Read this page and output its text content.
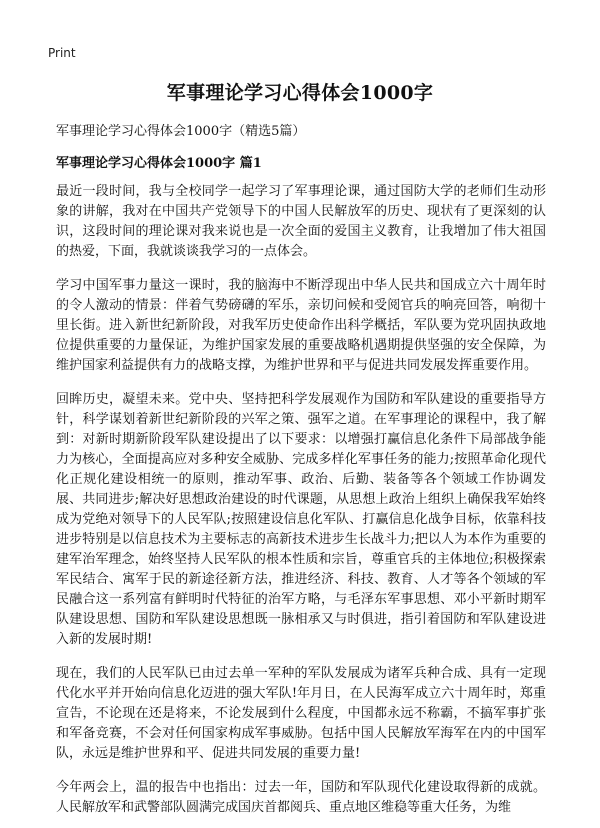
Print
军事理论学习心得体会1000字

军事理论学习心得体会1000字（精选5篇）

军事理论学习心得体会1000字 篇1

最近一段时间，我与全校同学一起学习了军事理论课，通过国防大学的老师们生动形象的讲解，我对在中国共产党领导下的中国人民解放军的历史、现状有了更深刻的认识，这段时间的理论课对我来说也是一次全面的爱国主义教育，让我增加了伟大祖国的热爱，下面，我就谈谈我学习的一点体会。

学习中国军事力量这一课时，我的脑海中不断浮现出中华人民共和国成立六十周年时的令人激动的情景：伴着气势磅礴的军乐，亲切问候和受阅官兵的响亮回答，响彻十里长街。进入新世纪新阶段，对我军历史使命作出科学概括，军队要为党巩固执政地位提供重要的力量保证，为维护国家发展的重要战略机遇期提供坚强的安全保障，为维护国家利益提供有力的战略支撑，为维护世界和平与促进共同发展发挥重要作用。

回眸历史，凝望未来。党中央、坚持把科学发展观作为国防和军队建设的重要指导方针，科学谋划着新世纪新阶段的兴军之策、强军之道。在军事理论的课程中，我了解到：对新时期新阶段军队建设提出了以下要求：以增强打赢信息化条件下局部战争能力为核心，全面提高应对多种安全威胁、完成多样化军事任务的能力;按照革命化现代化正规化建设相统一的原则，推动军事、政治、后勤、装备等各个领域工作协调发展、共同进步;解决好思想政治建设的时代课题，从思想上政治上组织上确保我军始终成为党绝对领导下的人民军队;按照建设信息化军队、打赢信息化战争目标，依靠科技进步特别是以信息技术为主要标志的高新技术进步生长战斗力;把以人为本作为重要的建军治军理念，始终坚持人民军队的根本性质和宗旨，尊重官兵的主体地位;积极探索军民结合、寓军于民的新途径新方法，推进经济、科技、教育、人才等各个领域的军民融合这一系列富有鲜明时代特征的治军方略，与毛泽东军事思想、邓小平新时期军队建设思想、国防和军队建设思想既一脉相承又与时俱进，指引着国防和军队建设进入新的发展时期!

现在，我们的人民军队已由过去单一军种的军队发展成为诸军兵种合成、具有一定现代化水平并开始向信息化迈进的强大军队!年月日，在人民海军成立六十周年时，郑重宣告，不论现在还是将来，不论发展到什么程度，中国都永远不称霸，不搞军事扩张和军备竞赛，不会对任何国家构成军事威胁。包括中国人民解放军海军在内的中国军队，永远是维护世界和平、促进共同发展的重要力量!

今年两会上，温的报告中也指出：过去一年，国防和军队现代化建设取得新的成就。人民解放军和武警部队圆满完成国庆首都阅兵、重点地区维稳等重大任务，为维
